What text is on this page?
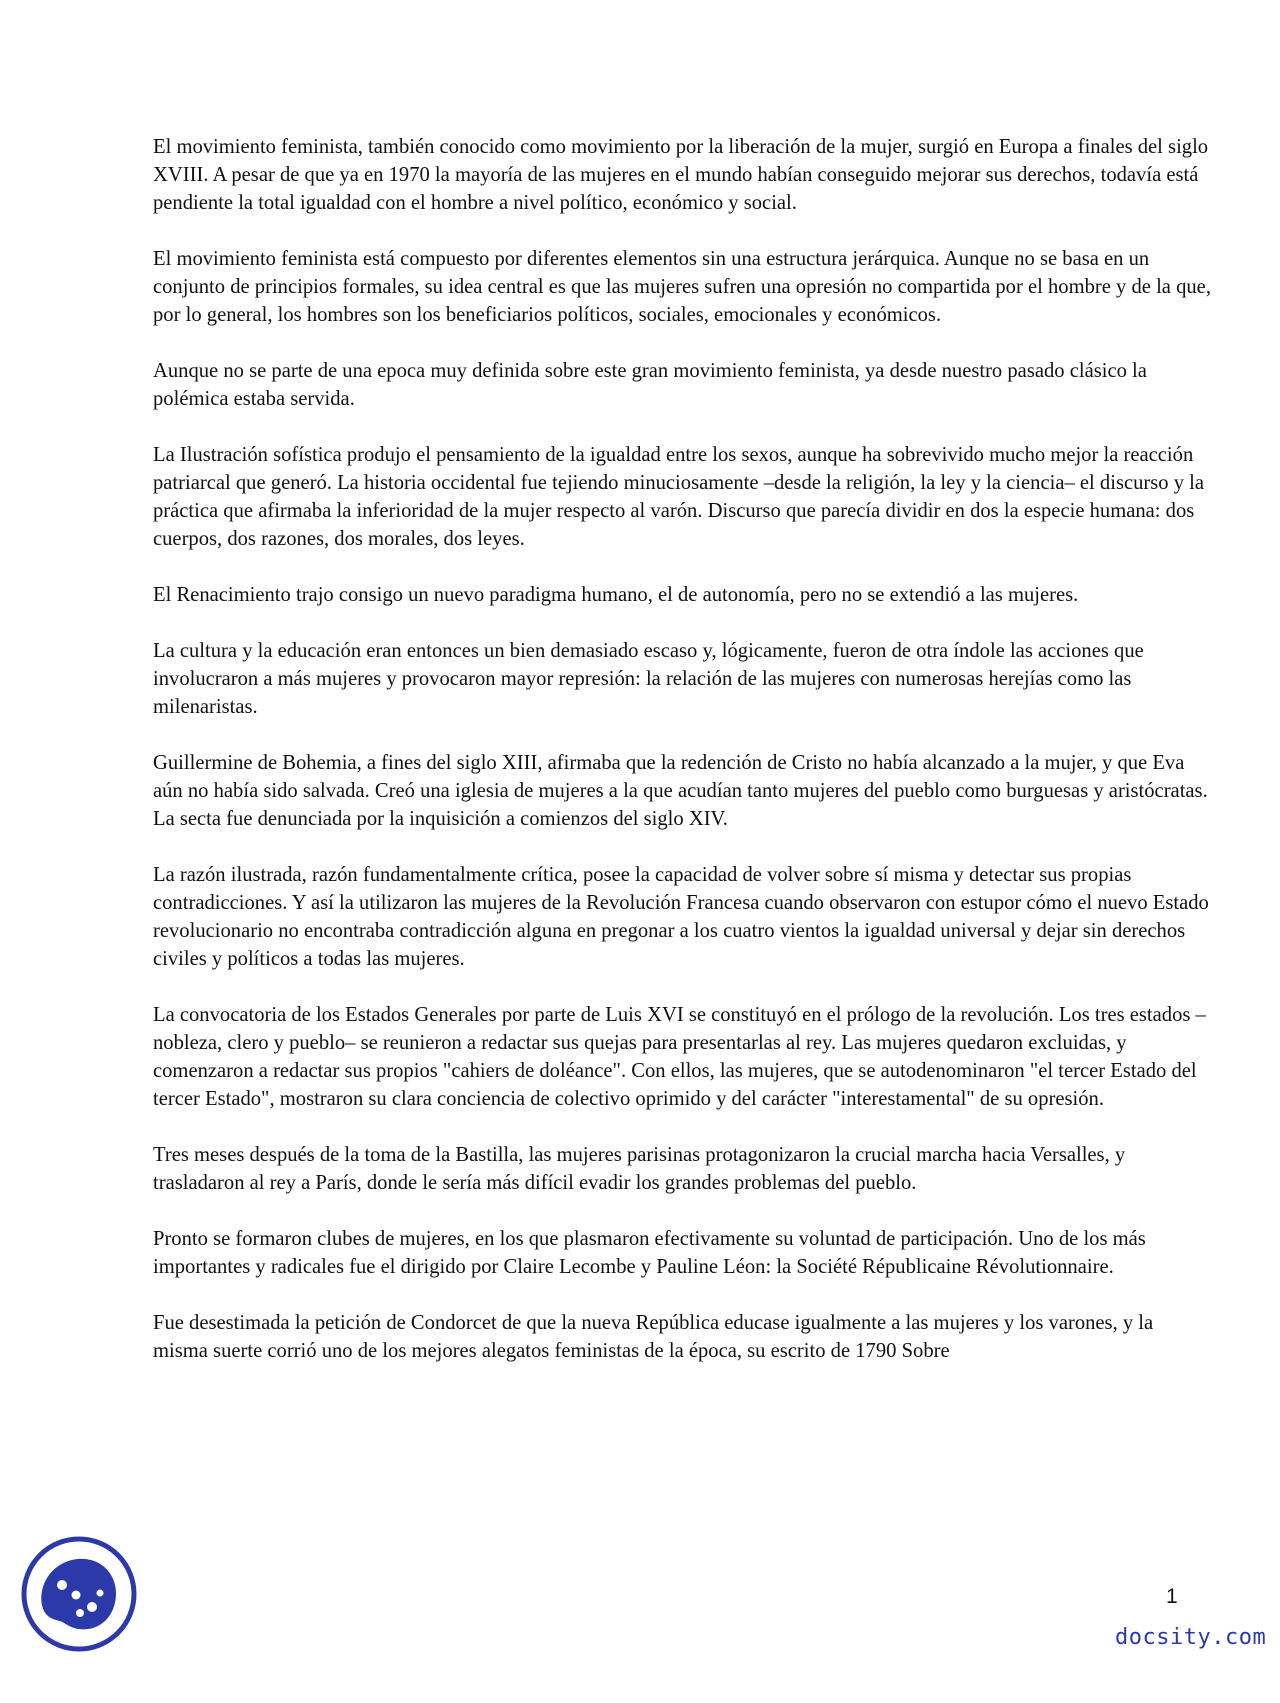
El movimiento feminista, también conocido como movimiento por la liberación de la mujer, surgió en Europa a finales del siglo XVIII. A pesar de que ya en 1970 la mayoría de las mujeres en el mundo habían conseguido mejorar sus derechos, todavía está pendiente la total igualdad con el hombre a nivel político, económico y social.

El movimiento feminista está compuesto por diferentes elementos sin una estructura jerárquica. Aunque no se basa en un conjunto de principios formales, su idea central es que las mujeres sufren una opresión no compartida por el hombre y de la que, por lo general, los hombres son los beneficiarios políticos, sociales, emocionales y económicos.

Aunque no se parte de una epoca muy definida sobre este gran movimiento feminista, ya desde nuestro pasado clásico la polémica estaba servida.

La Ilustración sofística produjo el pensamiento de la igualdad entre los sexos, aunque ha sobrevivido mucho mejor la reacción patriarcal que generó. La historia occidental fue tejiendo minuciosamente –desde la religión, la ley y la ciencia– el discurso y la práctica que afirmaba la inferioridad de la mujer respecto al varón. Discurso que parecía dividir en dos la especie humana: dos cuerpos, dos razones, dos morales, dos leyes.

El Renacimiento trajo consigo un nuevo paradigma humano, el de autonomía, pero no se extendió a las mujeres.

La cultura y la educación eran entonces un bien demasiado escaso y, lógicamente, fueron de otra índole las acciones que involucraron a más mujeres y provocaron mayor represión: la relación de las mujeres con numerosas herejías como las milenaristas.

Guillermine de Bohemia, a fines del siglo XIII, afirmaba que la redención de Cristo no había alcanzado a la mujer, y que Eva aún no había sido salvada. Creó una iglesia de mujeres a la que acudían tanto mujeres del pueblo como burguesas y aristócratas. La secta fue denunciada por la inquisición a comienzos del siglo XIV.

La razón ilustrada, razón fundamentalmente crítica, posee la capacidad de volver sobre sí misma y detectar sus propias contradicciones. Y así la utilizaron las mujeres de la Revolución Francesa cuando observaron con estupor cómo el nuevo Estado revolucionario no encontraba contradicción alguna en pregonar a los cuatro vientos la igualdad universal y dejar sin derechos civiles y políticos a todas las mujeres.

La convocatoria de los Estados Generales por parte de Luis XVI se constituyó en el prólogo de la revolución. Los tres estados –nobleza, clero y pueblo– se reunieron a redactar sus quejas para presentarlas al rey. Las mujeres quedaron excluidas, y comenzaron a redactar sus propios "cahiers de doléance". Con ellos, las mujeres, que se autodenominaron "el tercer Estado del tercer Estado", mostraron su clara conciencia de colectivo oprimido y del carácter "interestamental" de su opresión.

Tres meses después de la toma de la Bastilla, las mujeres parisinas protagonizaron la crucial marcha hacia Versalles, y trasladaron al rey a París, donde le sería más difícil evadir los grandes problemas del pueblo.

Pronto se formaron clubes de mujeres, en los que plasmaron efectivamente su voluntad de participación. Uno de los más importantes y radicales fue el dirigido por Claire Lecombe y Pauline Léon: la Société Républicaine Révolutionnaire.

Fue desestimada la petición de Condorcet de que la nueva República educase igualmente a las mujeres y los varones, y la misma suerte corrió uno de los mejores alegatos feministas de la época, su escrito de 1790 Sobre

1
docsity.com
